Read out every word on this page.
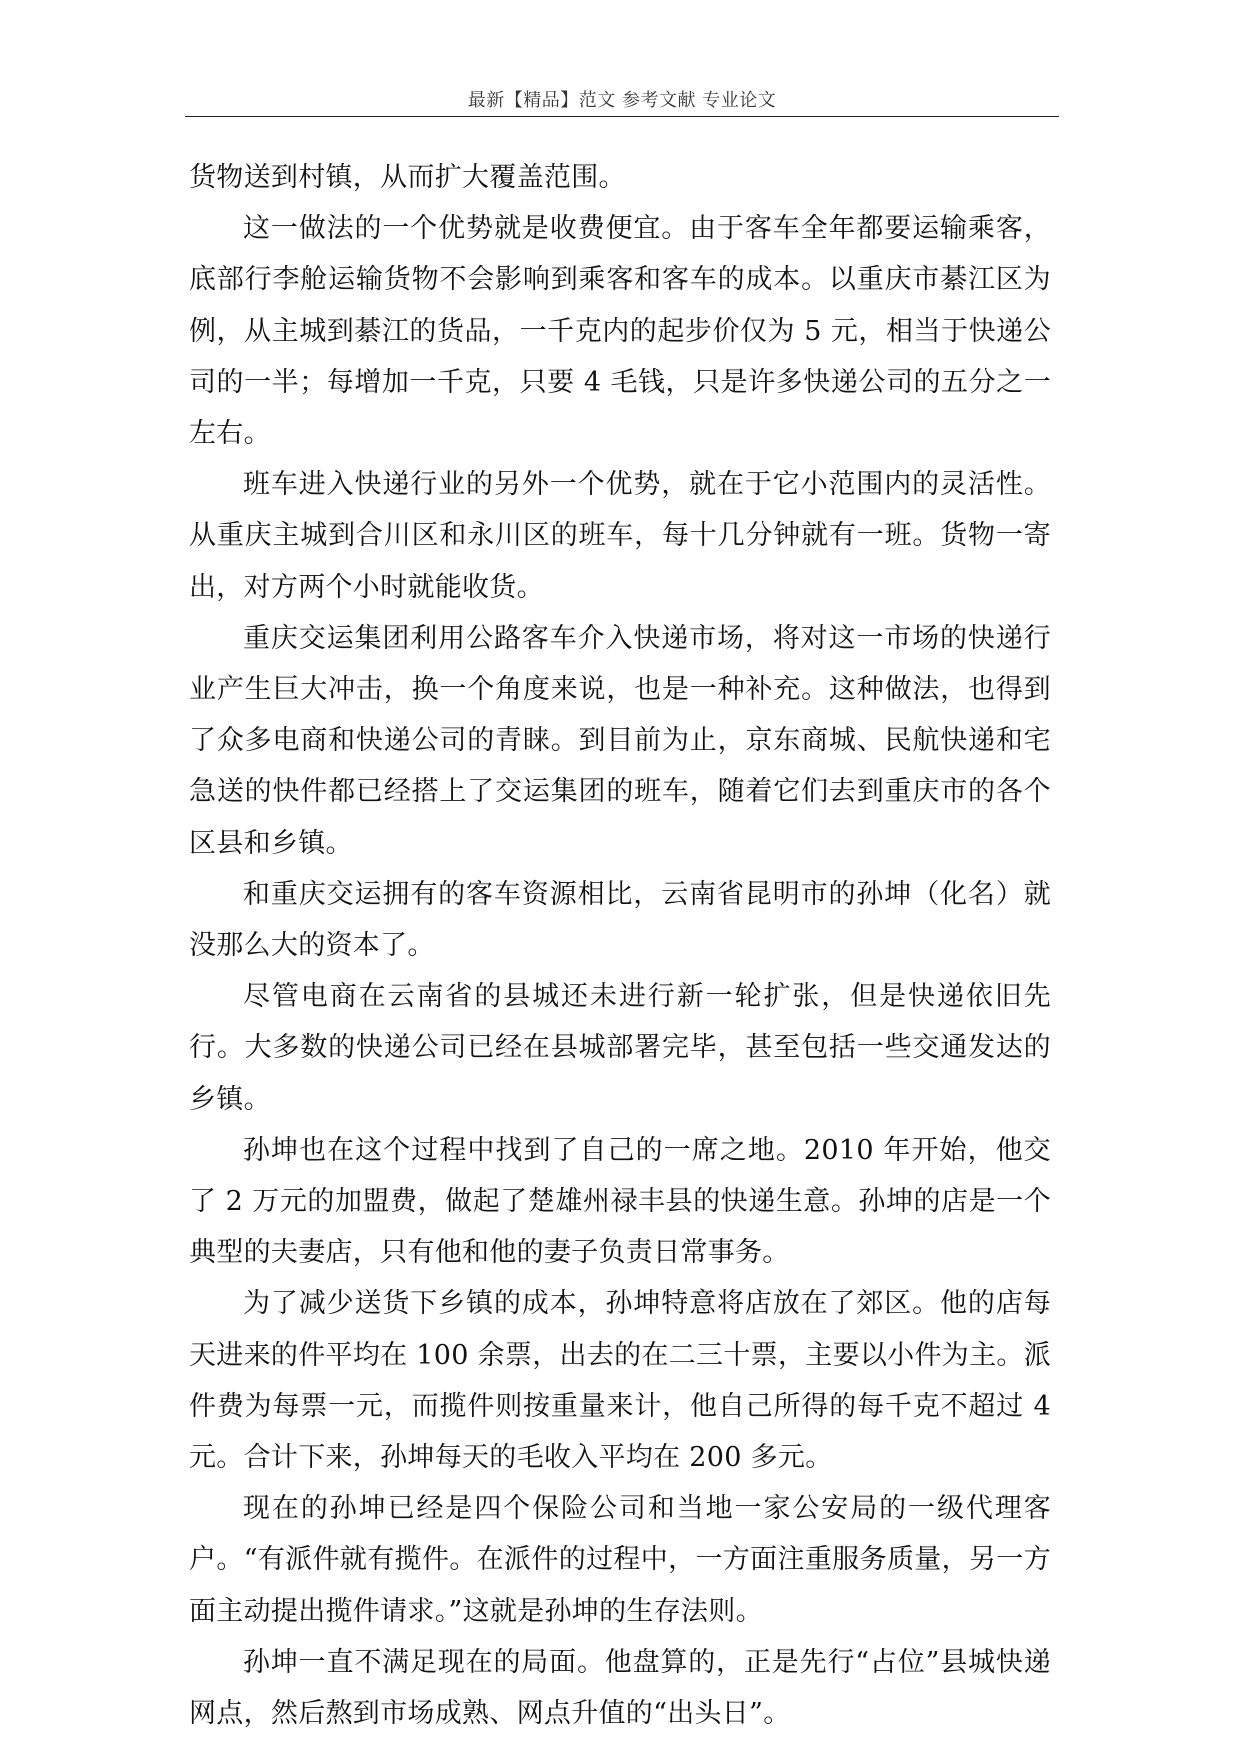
最新【精品】范文 参考文献 专业论文

货物送到村镇，从而扩大覆盖范围。

这一做法的一个优势就是收费便宜。由于客车全年都要运输乘客，底部行李舱运输货物不会影响到乘客和客车的成本。以重庆市綦江区为例，从主城到綦江的货品，一千克内的起步价仅为 5 元，相当于快递公司的一半；每增加一千克，只要 4 毛钱，只是许多快递公司的五分之一左右。

班车进入快递行业的另外一个优势，就在于它小范围内的灵活性。从重庆主城到合川区和永川区的班车，每十几分钟就有一班。货物一寄出，对方两个小时就能收货。

重庆交运集团利用公路客车介入快递市场，将对这一市场的快递行业产生巨大冲击，换一个角度来说，也是一种补充。这种做法，也得到了众多电商和快递公司的青睐。到目前为止，京东商城、民航快递和宅急送的快件都已经搭上了交运集团的班车，随着它们去到重庆市的各个区县和乡镇。

和重庆交运拥有的客车资源相比，云南省昆明市的孙坤（化名）就没那么大的资本了。

尽管电商在云南省的县城还未进行新一轮扩张，但是快递依旧先行。大多数的快递公司已经在县城部署完毕，甚至包括一些交通发达的乡镇。

孙坤也在这个过程中找到了自己的一席之地。2010 年开始，他交了 2 万元的加盟费，做起了楚雄州禄丰县的快递生意。孙坤的店是一个典型的夫妻店，只有他和他的妻子负责日常事务。

为了减少送货下乡镇的成本，孙坤特意将店放在了郊区。他的店每天进来的件平均在 100 余票，出去的在二三十票，主要以小件为主。派件费为每票一元，而揽件则按重量来计，他自己所得的每千克不超过 4 元。合计下来，孙坤每天的毛收入平均在 200 多元。

现在的孙坤已经是四个保险公司和当地一家公安局的一级代理客户。“有派件就有揽件。在派件的过程中，一方面注重服务质量，另一方面主动提出揽件请求。”这就是孙坤的生存法则。

孙坤一直不满足现在的局面。他盘算的，正是先行“占位”县城快递网点，然后熬到市场成熟、网点升值的“出头日”。
